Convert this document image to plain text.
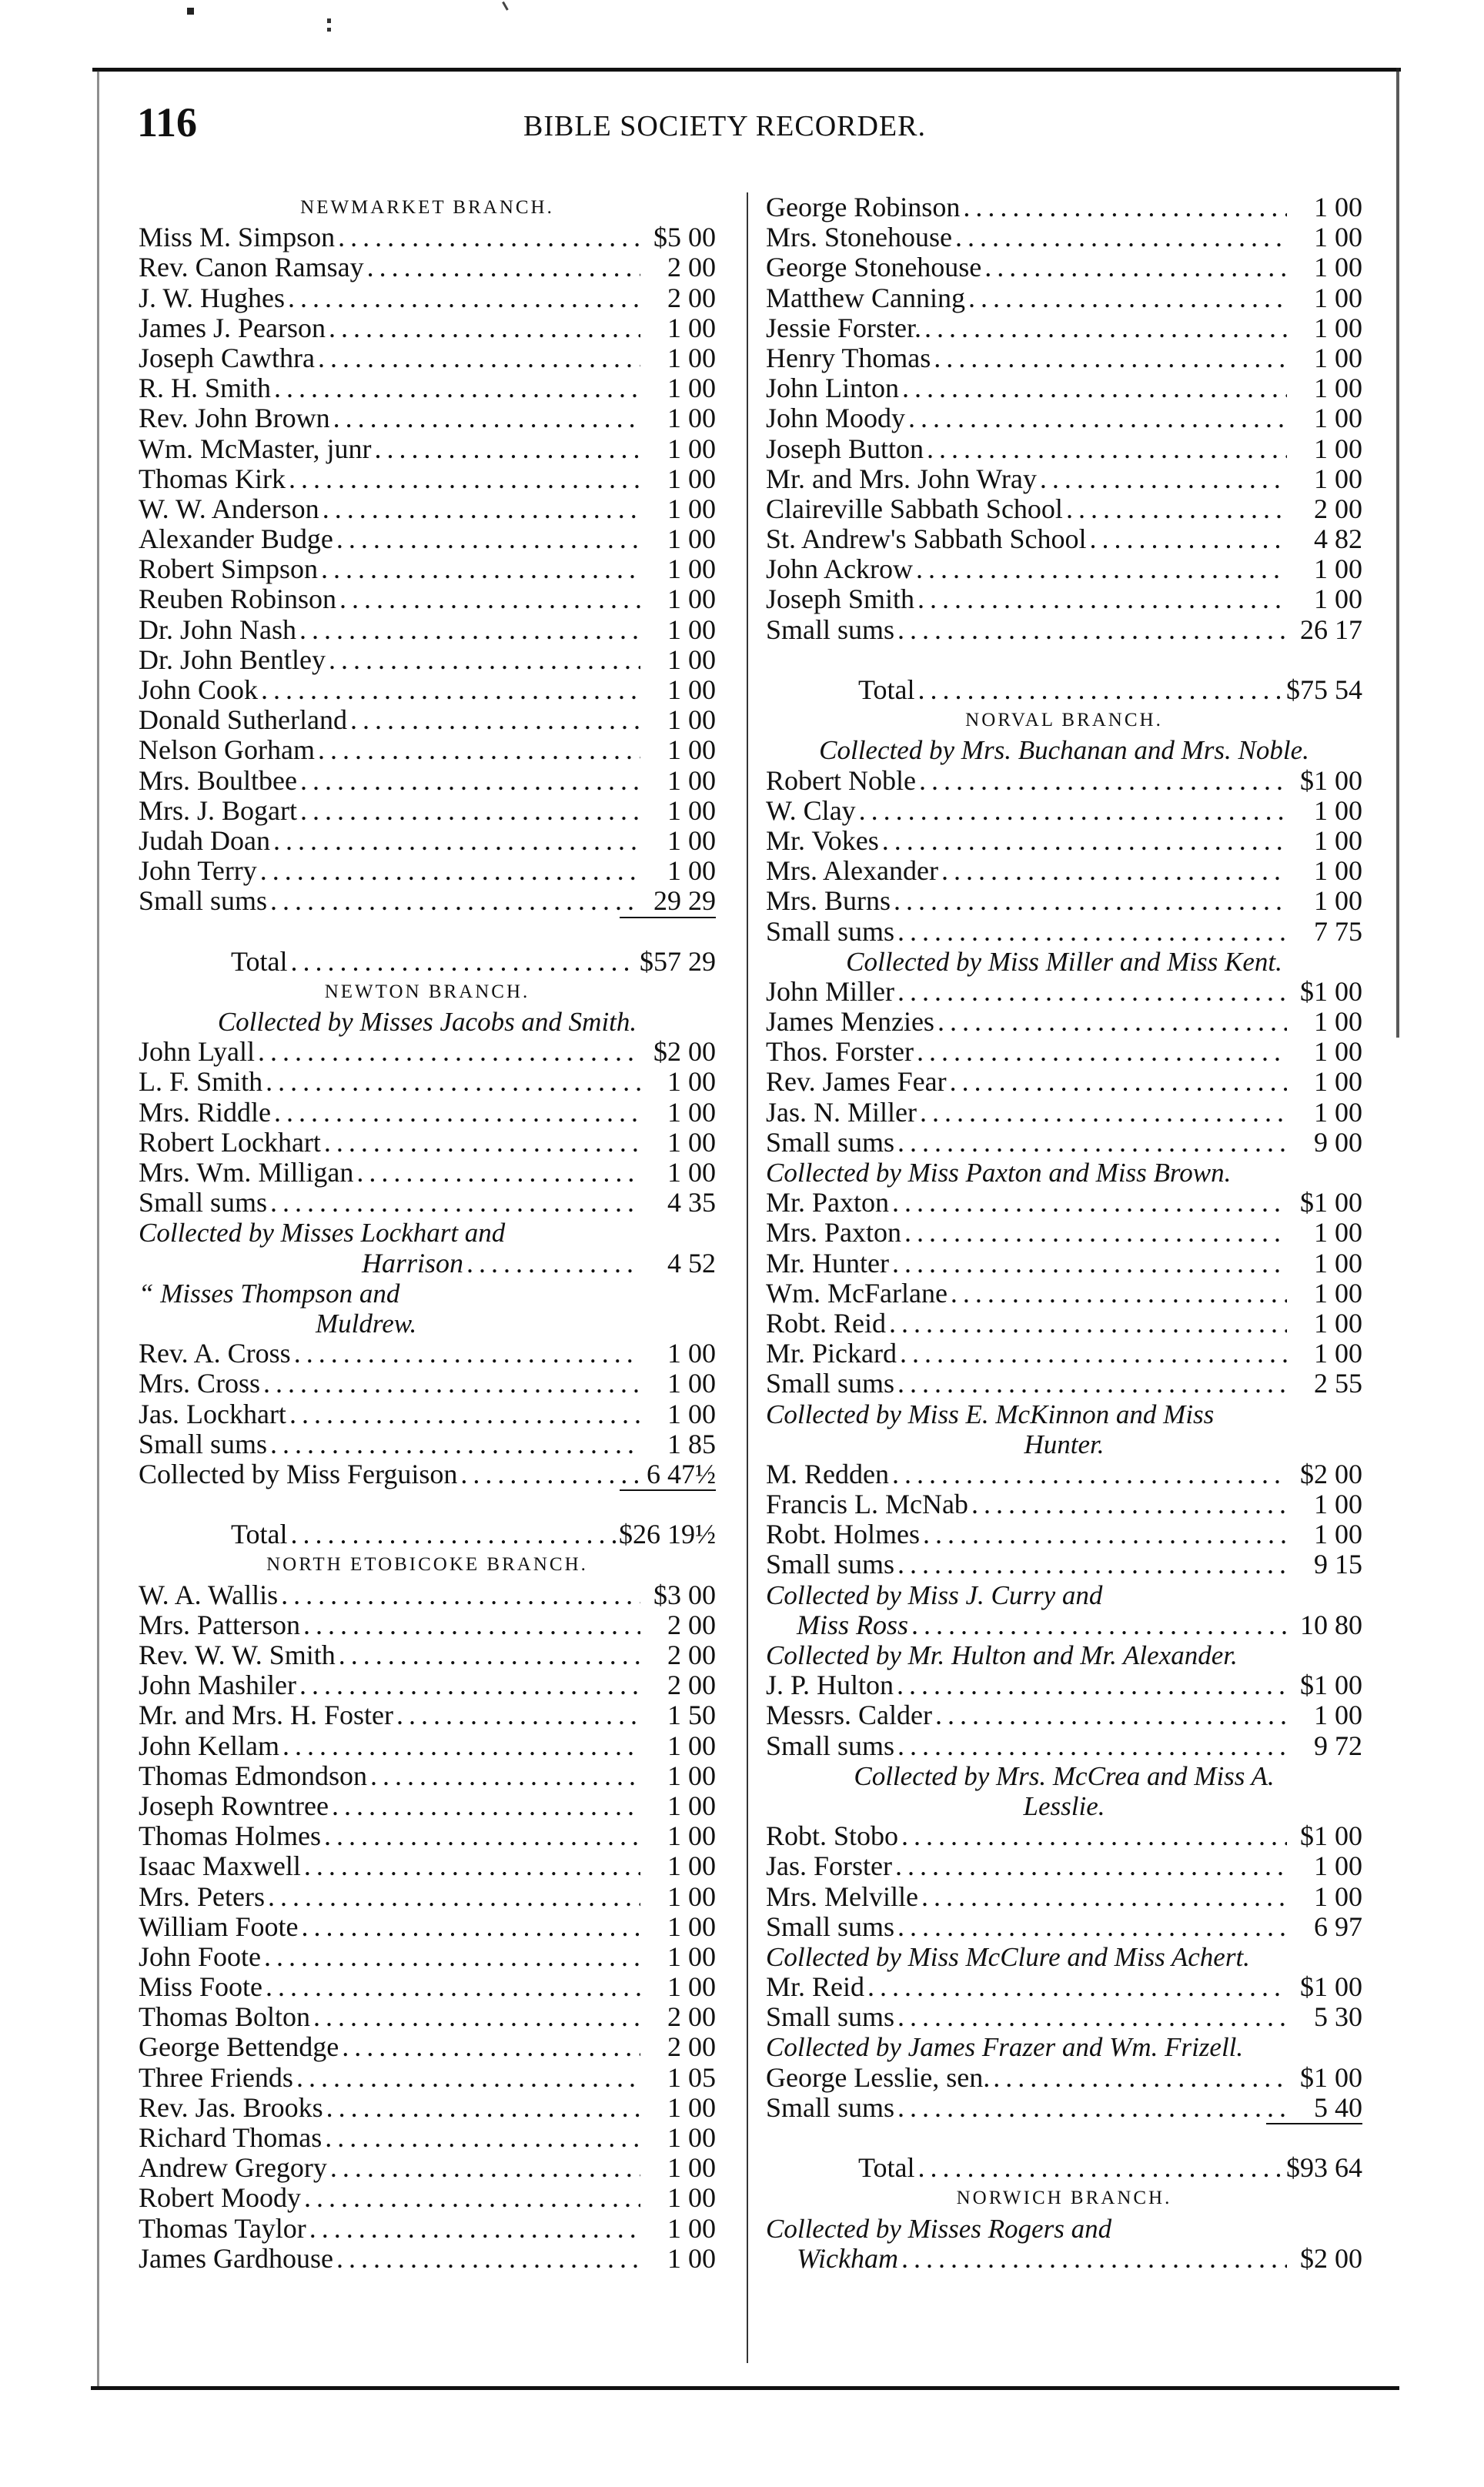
116	BIBLE SOCIETY RECORDER.
NEWMARKET BRANCH.
Miss M. Simpson . . .	$5 00
Rev. Canon Ramsay . . .	2 00
J. W. Hughes . . .	2 00
James J. Pearson . . .	1 00
Joseph Cawthra . . .	1 00
R. H. Smith . . .	1 00
Rev. John Brown . . .	1 00
Wm. McMaster, junr . . .	1 00
Thomas Kirk . . .	1 00
W. W. Anderson . . .	1 00
Alexander Budge . . .	1 00
Robert Simpson . . .	1 00
Reuben Robinson . . .	1 00
Dr. John Nash . . .	1 00
Dr. John Bentley . . .	1 00
John Cook . . .	1 00
Donald Sutherland . . .	1 00
Nelson Gorham . . .	1 00
Mrs. Boultbee . . .	1 00
Mrs. J. Bogart . . .	1 00
Judah Doan . . .	1 00
John Terry . . .	1 00
Small sums . . .	29 29
Total . . .	$57 29
NEWTON BRANCH.
Collected by Misses Jacobs and Smith.
John Lyall . . .	$2 00
L. F. Smith . . .	1 00
Mrs. Riddle . . .	1 00
Robert Lockhart . . .	1 00
Mrs. Wm. Milligan . . .	1 00
Small sums . . .	4 35
Collected by Misses Lockhart and
Harrison . . .	4 52
“ Misses Thompson and
Muldrew.
Rev. A. Cross . . .	1 00
Mrs. Cross . . .	1 00
Jas. Lockhart . . .	1 00
Small sums . . .	1 85
Collected by Miss Ferguison . . .	6 47½
Total . . .	$26 19½
NORTH ETOBICOKE BRANCH.
W. A. Wallis . . .	$3 00
Mrs. Patterson . . .	2 00
Rev. W. W. Smith . . .	2 00
John Mashiler . . .	2 00
Mr. and Mrs. H. Foster . . .	1 50
John Kellam . . .	1 00
Thomas Edmondson . . .	1 00
Joseph Rowntree . . .	1 00
Thomas Holmes . . .	1 00
Isaac Maxwell . . .	1 00
Mrs. Peters . . .	1 00
William Foote . . .	1 00
John Foote . . .	1 00
Miss Foote . . .	1 00
Thomas Bolton . . .	2 00
George Bettendge . . .	2 00
Three Friends . . .	1 05
Rev. Jas. Brooks . . .	1 00
Richard Thomas . . .	1 00
Andrew Gregory . . .	1 00
Robert Moody . . .	1 00
Thomas Taylor . . .	1 00
James Gardhouse . . .	1 00
George Robinson . . .	1 00
Mrs. Stonehouse . . .	1 00
George Stonehouse . . .	1 00
Matthew Canning . . .	1 00
Jessie Forster. . . .	1 00
Henry Thomas . . .	1 00
John Linton . . .	1 00
John Moody . . .	1 00
Joseph Button . . .	1 00
Mr. and Mrs. John Wray . . .	1 00
Claireville Sabbath School . . .	2 00
St. Andrew's Sabbath School . . .	4 82
John Ackrow . . .	1 00
Joseph Smith . . .	1 00
Small sums . . .	26 17
Total . . .	$75 54
NORVAL BRANCH.
Collected by Mrs. Buchanan and Mrs. Noble.
Robert Noble . . .	$1 00
W. Clay . . .	1 00
Mr. Vokes . . .	1 00
Mrs. Alexander . . .	1 00
Mrs. Burns . . .	1 00
Small sums . . .	7 75
Collected by Miss Miller and Miss Kent.
John Miller . . .	$1 00
James Menzies . . .	1 00
Thos. Forster . . .	1 00
Rev. James Fear . . .	1 00
Jas. N. Miller . . .	1 00
Small sums . . .	9 00
Collected by Miss Paxton and Miss Brown.
Mr. Paxton . . .	$1 00
Mrs. Paxton . . .	1 00
Mr. Hunter . . .	1 00
Wm. McFarlane . . .	1 00
Robt. Reid . . .	1 00
Mr. Pickard . . .	1 00
Small sums . . .	2 55
Collected by Miss E. McKinnon and Miss
Hunter.
M. Redden . . .	$2 00
Francis L. McNab . . .	1 00
Robt. Holmes . . .	1 00
Small sums . . .	9 15
Collected by Miss J. Curry and
Miss Ross . . .	10 80
Collected by Mr. Hulton and Mr. Alexander.
J. P. Hulton . . .	$1 00
Messrs. Calder . . .	1 00
Small sums . . .	9 72
Collected by Mrs. McCrea and Miss A.
Lesslie.
Robt. Stobo . . .	$1 00
Jas. Forster . . .	1 00
Mrs. Melville . . .	1 00
Small sums . . .	6 97
Collected by Miss McClure and Miss Achert.
Mr. Reid . . .	$1 00
Small sums . . .	5 30
Collected by James Frazer and Wm. Frizell.
George Lesslie, sen. . . .	$1 00
Small sums . . .	5 40
Total . . .	$93 64
NORWICH BRANCH.
Collected by Misses Rogers and
Wickham . . .	$2 00
